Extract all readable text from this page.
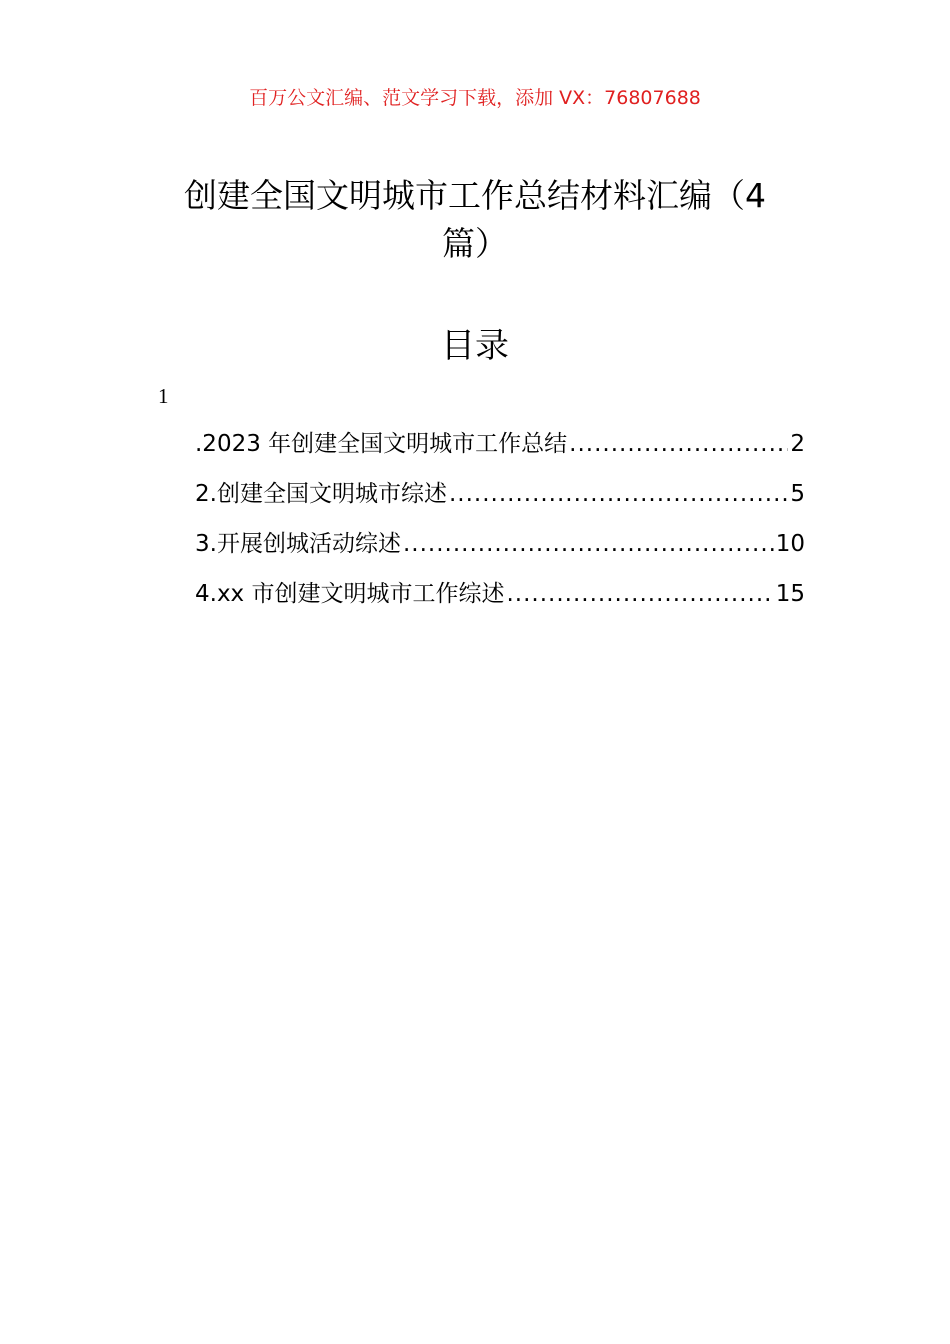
百万公文汇编、范文学习下载，添加 VX：76807688
创建全国文明城市工作总结材料汇编（4篇）
目录
1
.2023 年创建全国文明城市工作总结 .....	2
2.创建全国文明城市综述 .....	5
3.开展创城活动综述 .....	10
4.xx 市创建文明城市工作综述 .....	15
